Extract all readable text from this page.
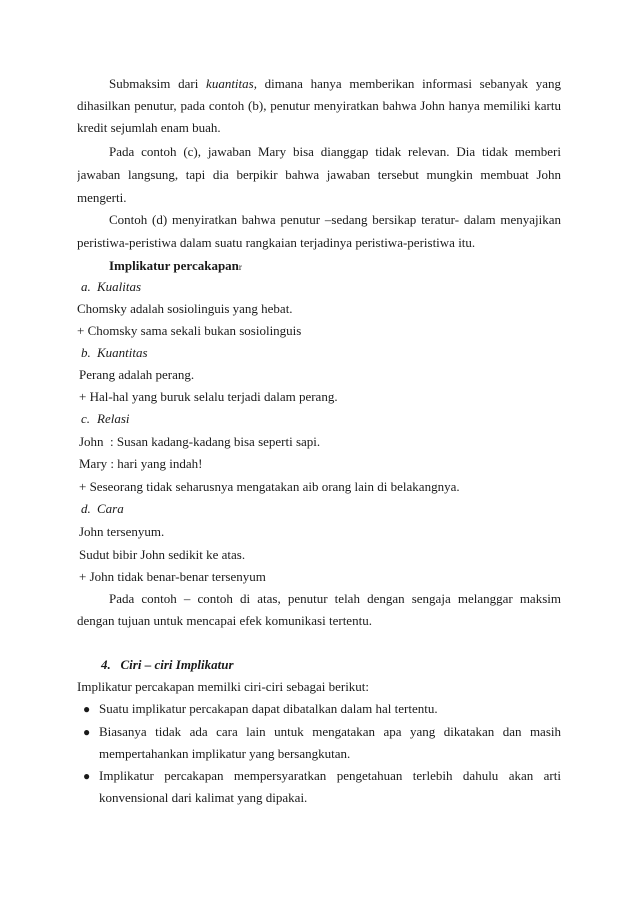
Submaksim dari kuantitas, dimana hanya memberikan informasi sebanyak yang
dihasilkan penutur, pada contoh (b), penutur menyiratkan bahwa John hanya memiliki kartu
kredit sejumlah enam buah.
Pada contoh (c), jawaban Mary bisa dianggap tidak relevan. Dia tidak memberi
jawaban langsung, tapi dia berpikir bahwa jawaban tersebut mungkin membuat John
mengerti.
Contoh (d) menyiratkan bahwa penutur –sedang bersikap teratur- dalam menyajikan
peristiwa-peristiwa dalam suatu rangkaian terjadinya peristiwa-peristiwa itu.
Implikatur percakapanr
a. Kualitas
Chomsky adalah sosiolinguis yang hebat.
+ Chomsky sama sekali bukan sosiolinguis
b. Kuantitas
Perang adalah perang.
+ Hal-hal yang buruk selalu terjadi dalam perang.
c. Relasi
John  : Susan kadang-kadang bisa seperti sapi.
Mary : hari yang indah!
+ Seseorang tidak seharusnya mengatakan aib orang lain di belakangnya.
d. Cara
John tersenyum.
Sudut bibir John sedikit ke atas.
+ John tidak benar-benar tersenyum
Pada contoh – contoh di atas, penutur telah dengan sengaja melanggar maksim
dengan tujuan untuk mencapai efek komunikasi tertentu.
4.   Ciri – ciri Implikatur
Implikatur percakapan memilki ciri-ciri sebagai berikut:
● Suatu implikatur percakapan dapat dibatalkan dalam hal tertentu.
● Biasanya tidak ada cara lain untuk mengatakan apa yang dikatakan dan masih
mempertahankan implikatur yang bersangkutan.
● Implikatur percakapan mempersyaratkan pengetahuan terlebih dahulu akan arti
konvensional dari kalimat yang dipakai.
